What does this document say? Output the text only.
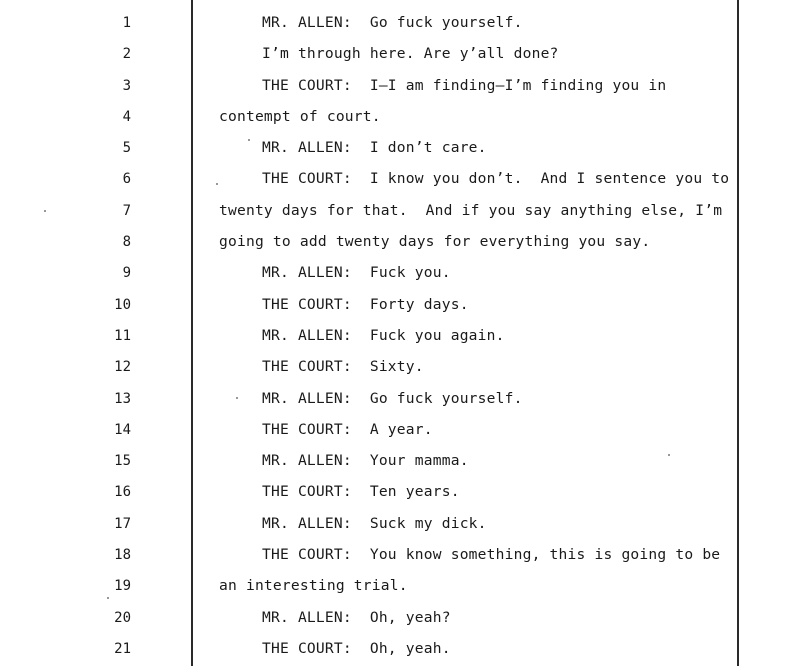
1	MR. ALLEN:  Go fuck yourself.
2	I’m through here. Are y’all done?
3	THE COURT:  I—I am finding—I’m finding you in
4	contempt of court.
5	MR. ALLEN:  I don’t care.
6	THE COURT:  I know you don’t.  And I sentence you to
7	twenty days for that.  And if you say anything else, I’m
8	going to add twenty days for everything you say.
9	MR. ALLEN:  Fuck you.
10	THE COURT:  Forty days.
11	MR. ALLEN:  Fuck you again.
12	THE COURT:  Sixty.
13	MR. ALLEN:  Go fuck yourself.
14	THE COURT:  A year.
15	MR. ALLEN:  Your mamma.
16	THE COURT:  Ten years.
17	MR. ALLEN:  Suck my dick.
18	THE COURT:  You know something, this is going to be
19	an interesting trial.
20	MR. ALLEN:  Oh, yeah?
21	THE COURT:  Oh, yeah.
